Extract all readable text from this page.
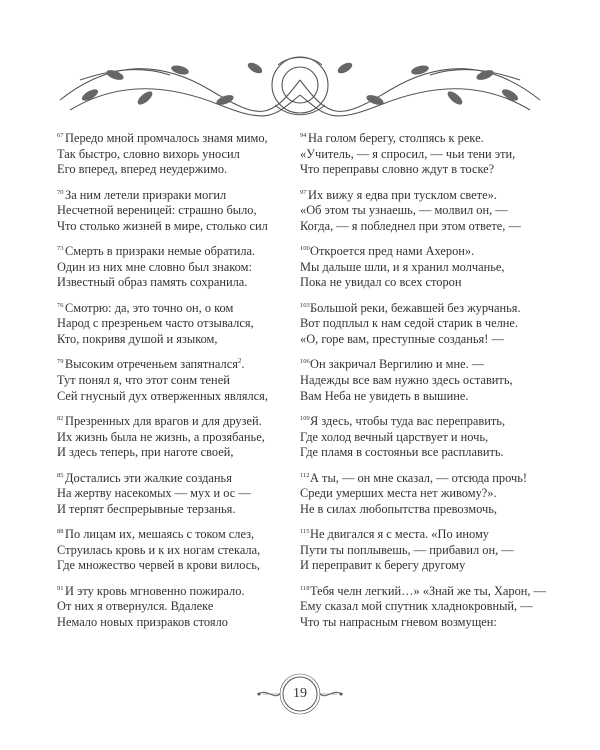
67 Передо мной промчалось знамя мимо,
Так быстро, словно вихорь уносил
Его вперед, вперед неудержимо.
70 За ним летели призраки могил
Несчетной вереницей: страшно было,
Что столько жизней в мире, столько сил
73 Смерть в призраки немые обратила.
Один из них мне словно был знаком:
Известный образ память сохранила.
76 Смотрю: да, это точно он, о ком
Народ с презреньем часто отзывался,
Кто, покривя душой и языком,
79 Высоким отреченьем запятнался$^2$.
Тут понял я, что этот сонм теней
Сей гнусный дух отверженных являлся,
82 Презренных для врагов и для друзей.
Их жизнь была не жизнь, а прозябанье,
И здесь теперь, при наготе своей,
85 Достались эти жалкие созданья
На жертву насекомых — мух и ос —
И терпят беспрерывные терзанья.
88 По лицам их, мешаясь с током слез,
Струилась кровь и к их ногам стекала,
Где множество червей в крови вилось,
91 И эту кровь мгновенно пожирало.
От них я отвернулся. Вдалеке
Немало новых призраков стояло
94 На голом берегу, столпясь к реке.
«Учитель, — я спросил, — чьи тени эти,
Что переправы словно ждут в тоске?
97 Их вижу я едва при тусклом свете».
«Об этом ты узнаешь, — молвил он, —
Когда, — я побледнел при этом ответе, —
100 Откроется пред нами Ахерон».
Мы дальше шли, и я хранил молчанье,
Пока не увидал со всех сторон
103 Большой реки, бежавшей без журчанья.
Вот подплыл к нам седой старик в челне.
«О, горе вам, преступные созданья! —
106 Он закричал Вергилию и мне. —
Надежды все вам нужно здесь оставить,
Вам Неба не увидеть в вышине.
109 Я здесь, чтобы туда вас переправить,
Где холод вечный царствует и ночь,
Где пламя в состояньи все расплавить.
112 А ты, — он мне сказал, — отсюда прочь!
Среди умерших места нет живому?».
Не в силах любопытства превозмочь,
115 Не двигался я с места. «По иному
Пути ты поплывешь, — прибавил он, —
И переправит к берегу другому
118 Тебя челн легкий…» «Знай же ты, Харон, —
Ему сказал мой спутник хладнокровный, —
Что ты напрасным гневом возмущен:
19
